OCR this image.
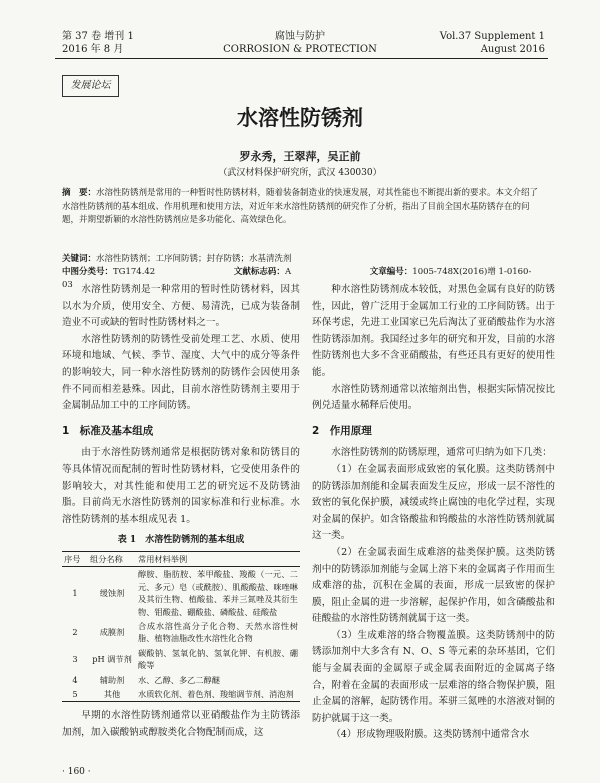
第 37 卷 增刊 1
2016 年 8 月
腐蚀与防护
CORROSION & PROTECTION
Vol.37 Supplement 1
August 2016
发展论坛
水溶性防锈剂
罗永秀，王翠萍，吴正前
（武汉材料保护研究所，武汉 430030）
摘　要：水溶性防锈剂是常用的一种暂时性防锈材料，随着装备制造业的快速发展，对其性能也不断提出新的要求。本文介绍了水溶性防锈剂的基本组成、作用机理和使用方法，对近年来水溶性防锈剂的研究作了分析，指出了目前全国水基防锈存在的问题，并期望新颖的水溶性防锈剂应是多功能化、高效绿色化。
关键词：水溶性防锈剂；工序间防锈；封存防锈；水基清洗剂
中图分类号：TG174.42	文献标志码：A	文章编号：1005-748X(2016)增 1-0160-03 水溶性防锈剂是一种常用的暂时性防锈材料，因其以水为介质，使用安全、方便、易清洗，已成为装备制造业不可或缺的暂时性防锈材料之一。

水溶性防锈剂的防锈性受前处理工艺、水质、使用环境和地域、气候、季节、湿度、大气中的成分等条件的影响较大，同一种水溶性防锈剂的防锈作会因使用条件不同而相差悬殊。因此，目前水溶性防锈剂主要用于金属制品加工中的工序间防锈。

1　标准及基本组成

由于水溶性防锈剂通常是根据防锈对象和防锈目的等具体情况而配制的暂时性防锈材料，它受使用条件的影响较大，对其性能和使用工艺的研究远不及防锈油脂。目前尚无水溶性防锈剂的国家标准和行业标准。水溶性防锈剂的基本组成见表 1。

表 1　水溶性防锈剂的基本组成
序号	组分名称	常用材料举例
1	缓蚀剂	醇胺、脂肪胺、苯甲酸盐、羧酸（一元、二元、多元）皂（或酰胺）、肌酸酸盐、咪唑啉及其衍生物、植酸盐、苯并三氮唑及其衍生物、钼酸盐、硼酸盐、磷酸盐、硅酸盐
2	成膜剂	合成水溶性高分子化合物、天然水溶性树脂、植物油脂改性水溶性化合物
3	pH 调节剂	碳酸钠、氢氧化钠、氢氧化钾、有机胺、硼酸等
4	辅助剂	水、乙醇、多乙二醇醚
5	其他	水质软化剂、着色剂、羧缩调节剂、消泡剂

早期的水溶性防锈剂通常以亚硝酸盐作为主防锈添加剂，加入碳酸钠或醇胺类化合物配制而成，这

种水溶性防锈剂成本较低，对黑色金属有良好的防锈性，因此，曾广泛用于金属加工行业的工序间防锈。出于环保考虑，先进工业国家已先后淘汰了亚硝酸盐作为水溶性防锈添加剂。我国经过多年的研究和开发，目前的水溶性防锈剂也大多不含亚硝酸盐，有些还具有更好的使用性能。

水溶性防锈剂通常以浓缩剂出售，根据实际情况按比例兑适量水稀释后使用。

2　作用原理

水溶性防锈剂的防锈原理，通常可归纳为如下几类：

（1）在金属表面形成致密的氧化膜。这类防锈剂中的防锈添加剂能和金属表面发生反应，形成一层不溶性的致密的氧化保护膜，减缓或终止腐蚀的电化学过程，实现对金属的保护。如含铬酸盐和钨酸盐的水溶性防锈剂就属这一类。

（2）在金属表面生成难溶的盐类保护膜。这类防锈剂中的防锈添加剂能与金属上溶下来的金属离子作用而生成难溶的盐，沉积在金属的表面，形成一层致密的保护膜，阻止金属的进一步溶解，起保护作用，如含磷酸盐和硅酸盐的水溶性防锈剂就属于这一类。

（3）生成难溶的络合物覆盖膜。这类防锈剂中的防锈添加剂中大多含有 N、O、S 等元素的杂环基团，它们能与金属表面的金属原子或金属表面附近的金属离子络合，附着在金属的表面形成一层难溶的络合物保护膜，阻止金属的溶解，起防锈作用。苯骈三氮唑的水溶液对铜的防护就属于这一类。

（4）形成物理吸附膜。这类防锈剂中通常含水

· 160 ·
